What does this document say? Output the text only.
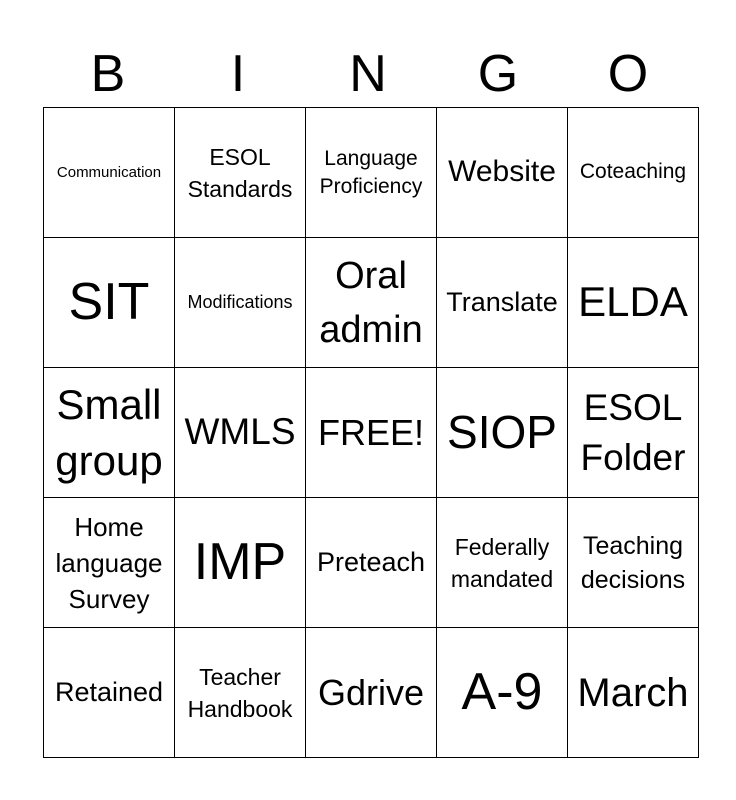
B	I	N	G	O
Communication	ESOL Standards	Language Proficiency	Website	Coteaching
SIT	Modifications	Oral admin	Translate	ELDA
Small group	WMLS	FREE!	SIOP	ESOL Folder
Home language Survey	IMP	Preteach	Federally mandated	Teaching decisions
Retained	Teacher Handbook	Gdrive	A-9	March
